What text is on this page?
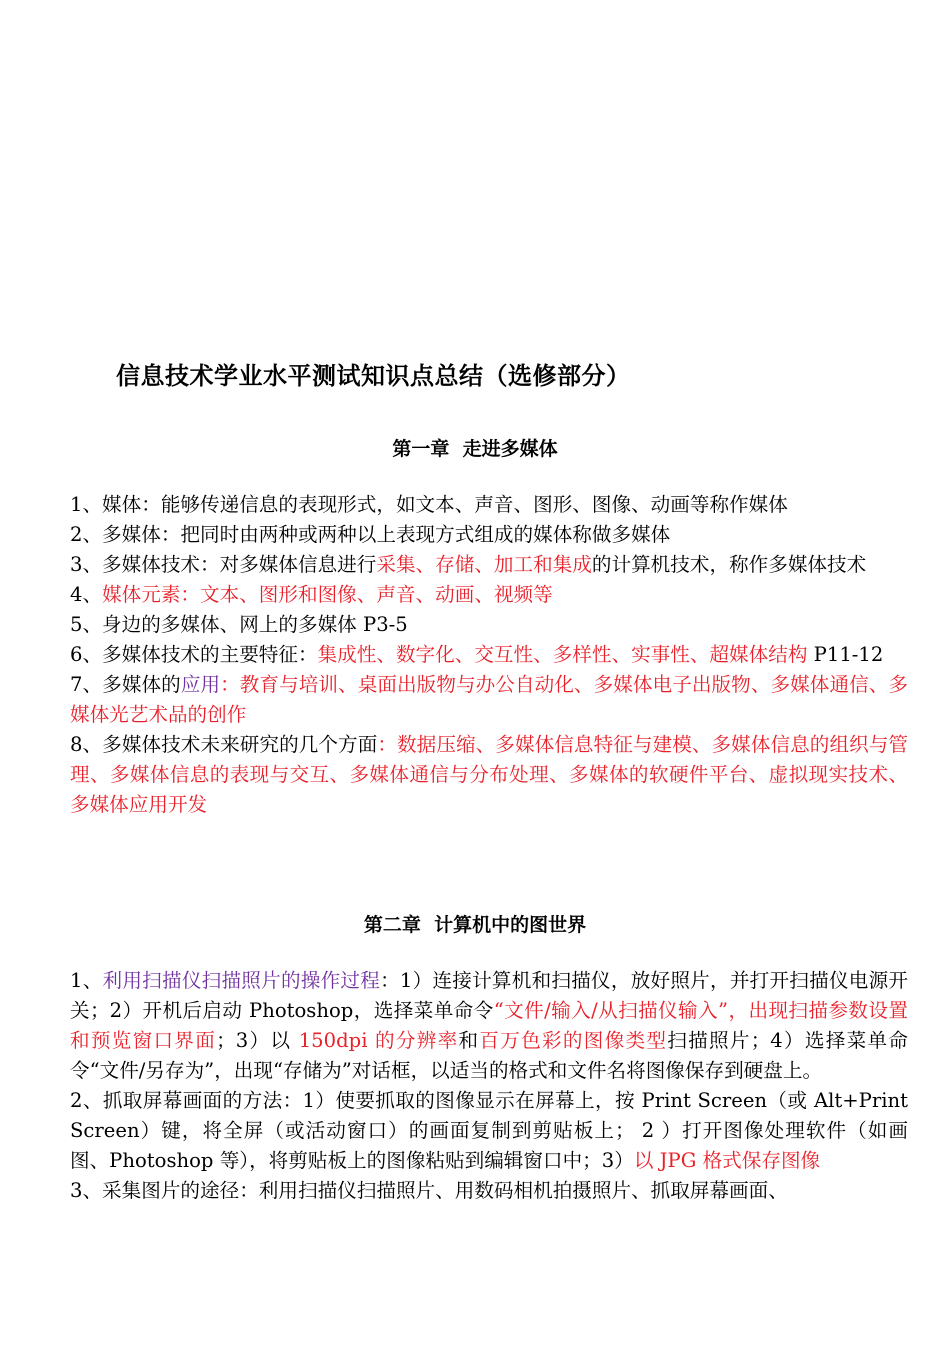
信息技术学业水平测试知识点总结（选修部分）
第一章  走进多媒体

1、媒体：能够传递信息的表现形式，如文本、声音、图形、图像、动画等称作媒体

2、多媒体：把同时由两种或两种以上表现方式组成的媒体称做多媒体

3、多媒体技术：对多媒体信息进行采集、存储、加工和集成的计算机技术，称作多媒体技术

4、媒体元素：文本、图形和图像、声音、动画、视频等

5、身边的多媒体、网上的多媒体 P3-5

6、多媒体技术的主要特征：集成性、数字化、交互性、多样性、实事性、超媒体结构 P11-12

7、多媒体的应用：教育与培训、桌面出版物与办公自动化、多媒体电子出版物、多媒体通信、多媒体光艺术品的创作

8、多媒体技术未来研究的几个方面：数据压缩、多媒体信息特征与建模、多媒体信息的组织与管理、多媒体信息的表现与交互、多媒体通信与分布处理、多媒体的软硬件平台、虚拟现实技术、多媒体应用开发

第二章  计算机中的图世界

1、利用扫描仪扫描照片的操作过程：1）连接计算机和扫描仪，放好照片，并打开扫描仪电源开关；2）开机后启动 Photoshop，选择菜单命令“文件/输入/从扫描仪输入”，出现扫描参数设置和预览窗口界面；3）以 150dpi 的分辨率和百万色彩的图像类型扫描照片；4）选择菜单命令“文件/另存为”，出现“存储为”对话框，以适当的格式和文件名将图像保存到硬盘上。

2、抓取屏幕画面的方法：1）使要抓取的图像显示在屏幕上，按 Print Screen（或 Alt+Print Screen）键，将全屏（或活动窗口）的画面复制到剪贴板上； 2 ）打开图像处理软件（如画图、Photoshop 等），将剪贴板上的图像粘贴到编辑窗口中；3）以 JPG 格式保存图像

3、采集图片的途径：利用扫描仪扫描照片、用数码相机拍摄照片、抓取屏幕画面、
